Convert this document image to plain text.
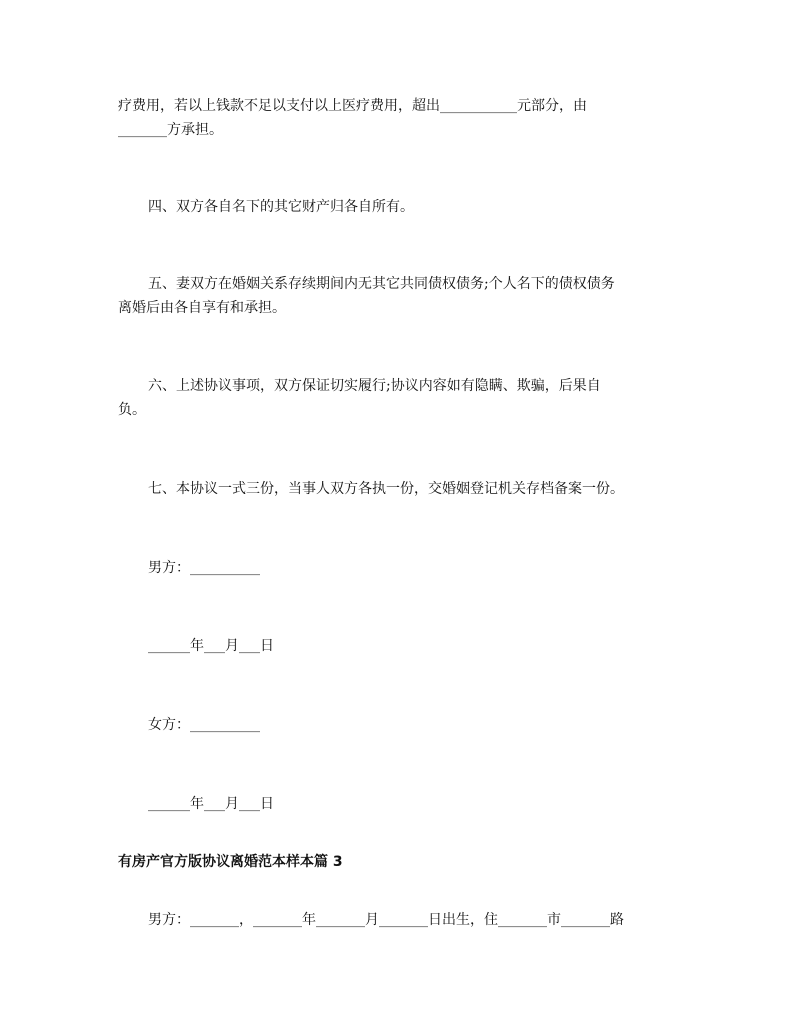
疗费用，若以上钱款不足以支付以上医疗费用，超出___________元部分，由
_______方承担。
四、双方各自名下的其它财产归各自所有。
五、妻双方在婚姻关系存续期间内无其它共同债权债务;个人名下的债权债务
离婚后由各自享有和承担。
六、上述协议事项，双方保证切实履行;协议内容如有隐瞒、欺骗，后果自
负。
七、本协议一式三份，当事人双方各执一份，交婚姻登记机关存档备案一份。
男方：__________
______年___月___日
女方：__________
______年___月___日
有房产官方版协议离婚范本样本篇 3
男方：_______，_______年_______月_______日出生，住_______市_______路
